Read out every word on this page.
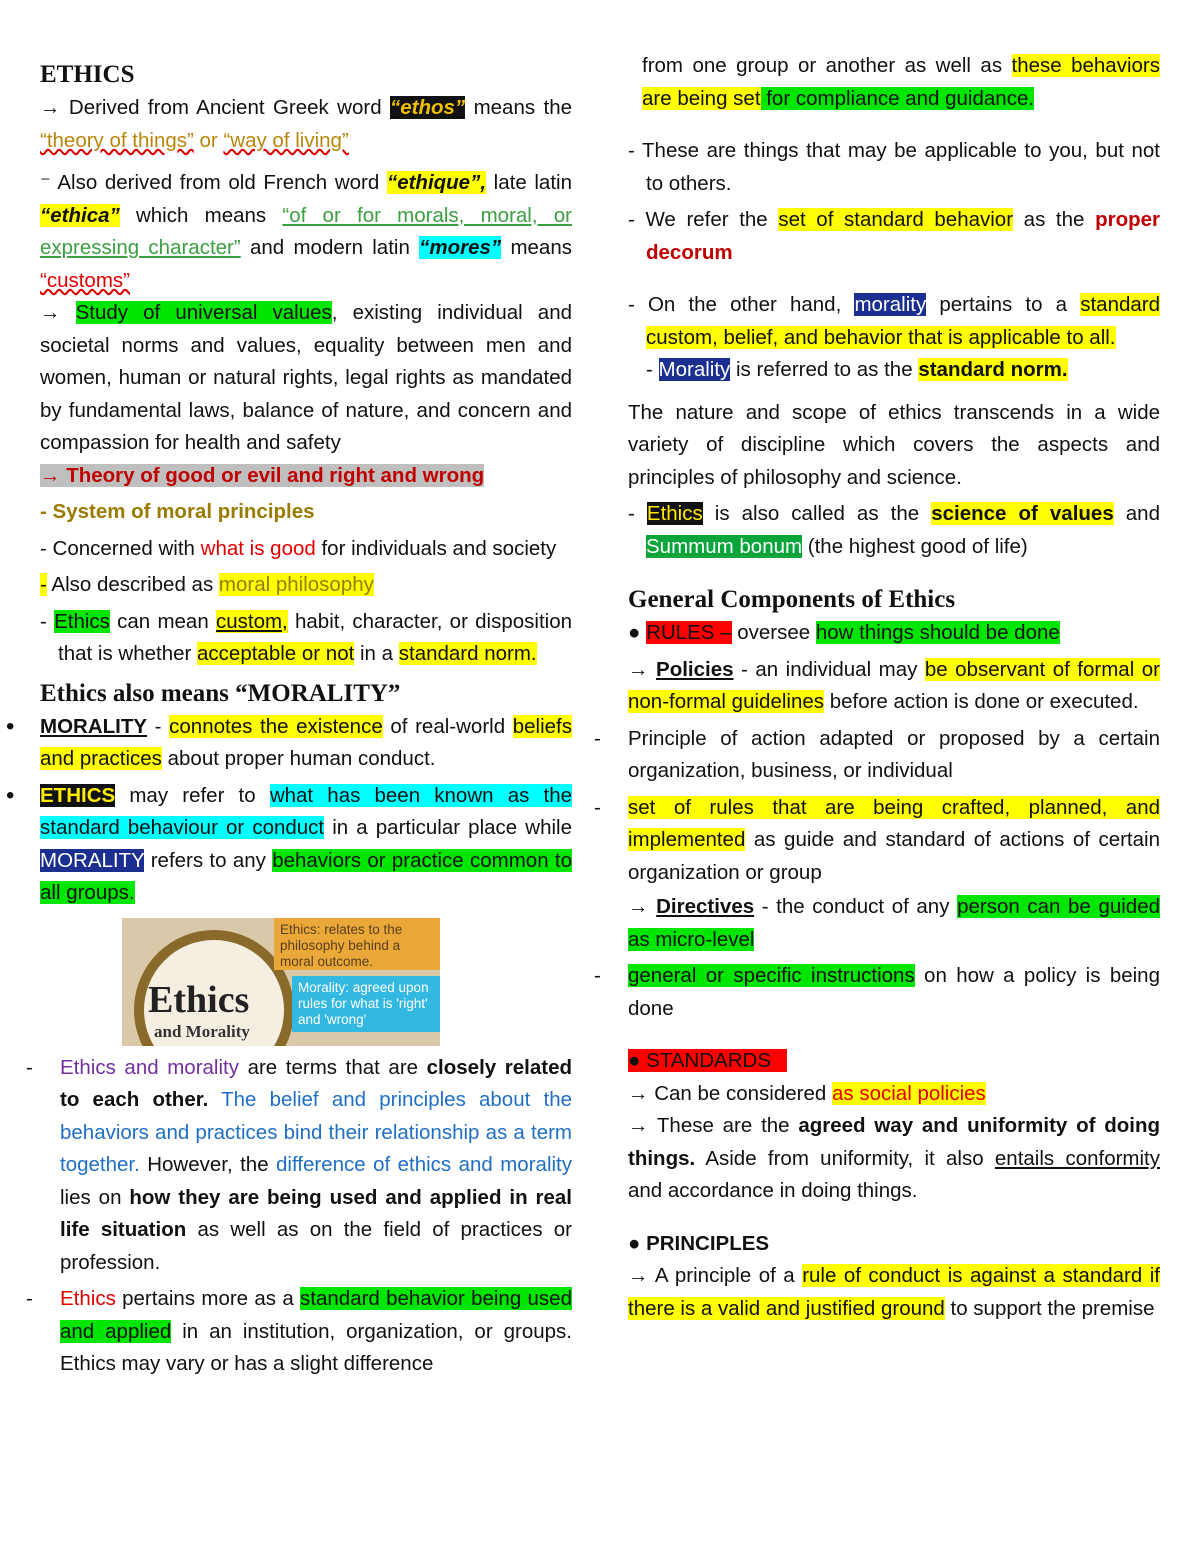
ETHICS

→ Derived from Ancient Greek word “ethos” means the “theory of things” or “way of living”

⁻ Also derived from old French word “ethique”, late latin “ethica” which means “of or for morals, moral, or expressing character” and modern latin “mores” means “customs”

→ Study of universal values, existing individual and societal norms and values, equality between men and women, human or natural rights, legal rights as mandated by fundamental laws, balance of nature, and concern and compassion for health and safety

→ Theory of good or evil and right and wrong

- System of moral principles

- Concerned with what is good for individuals and society

- Also described as moral philosophy

- Ethics can mean custom, habit, character, or disposition that is whether acceptable or not in a standard norm.

Ethics also means “MORALITY”

• MORALITY - connotes the existence of real-world beliefs and practices about proper human conduct.

• ETHICS may refer to what has been known as the standard behaviour or conduct in a particular place while MORALITY refers to any behaviors or practice common to all groups.

Ethics
and Morality
Ethics: relates to the philosophy behind a moral outcome.
Morality: agreed upon rules for what is 'right' and 'wrong'

- Ethics and morality are terms that are closely related to each other. The belief and principles about the behaviors and practices bind their relationship as a term together. However, the difference of ethics and morality lies on how they are being used and applied in real life situation as well as on the field of practices or profession.

- Ethics pertains more as a standard behavior being used and applied in an institution, organization, or groups. Ethics may vary or has a slight difference

from one group or another as well as these behaviors are being set for compliance and guidance.

- These are things that may be applicable to you, but not to others.

- We refer the set of standard behavior as the proper decorum

- On the other hand, morality pertains to a standard custom, belief, and behavior that is applicable to all.

- Morality is referred to as the standard norm.

The nature and scope of ethics transcends in a wide variety of discipline which covers the aspects and principles of philosophy and science.

- Ethics is also called as the science of values and Summum bonum (the highest good of life)

General Components of Ethics

● RULES – oversee how things should be done

→ Policies - an individual may be observant of formal or non-formal guidelines before action is done or executed.

- Principle of action adapted or proposed by a certain organization, business, or individual

- set of rules that are being crafted, planned, and implemented as guide and standard of actions of certain organization or group

→ Directives - the conduct of any person can be guided as micro-level

- general or specific instructions on how a policy is being done

● STANDARDS

→ Can be considered as social policies

→ These are the agreed way and uniformity of doing things. Aside from uniformity, it also entails conformity and accordance in doing things.

● PRINCIPLES

→ A principle of a rule of conduct is against a standard if there is a valid and justified ground to support the premise
